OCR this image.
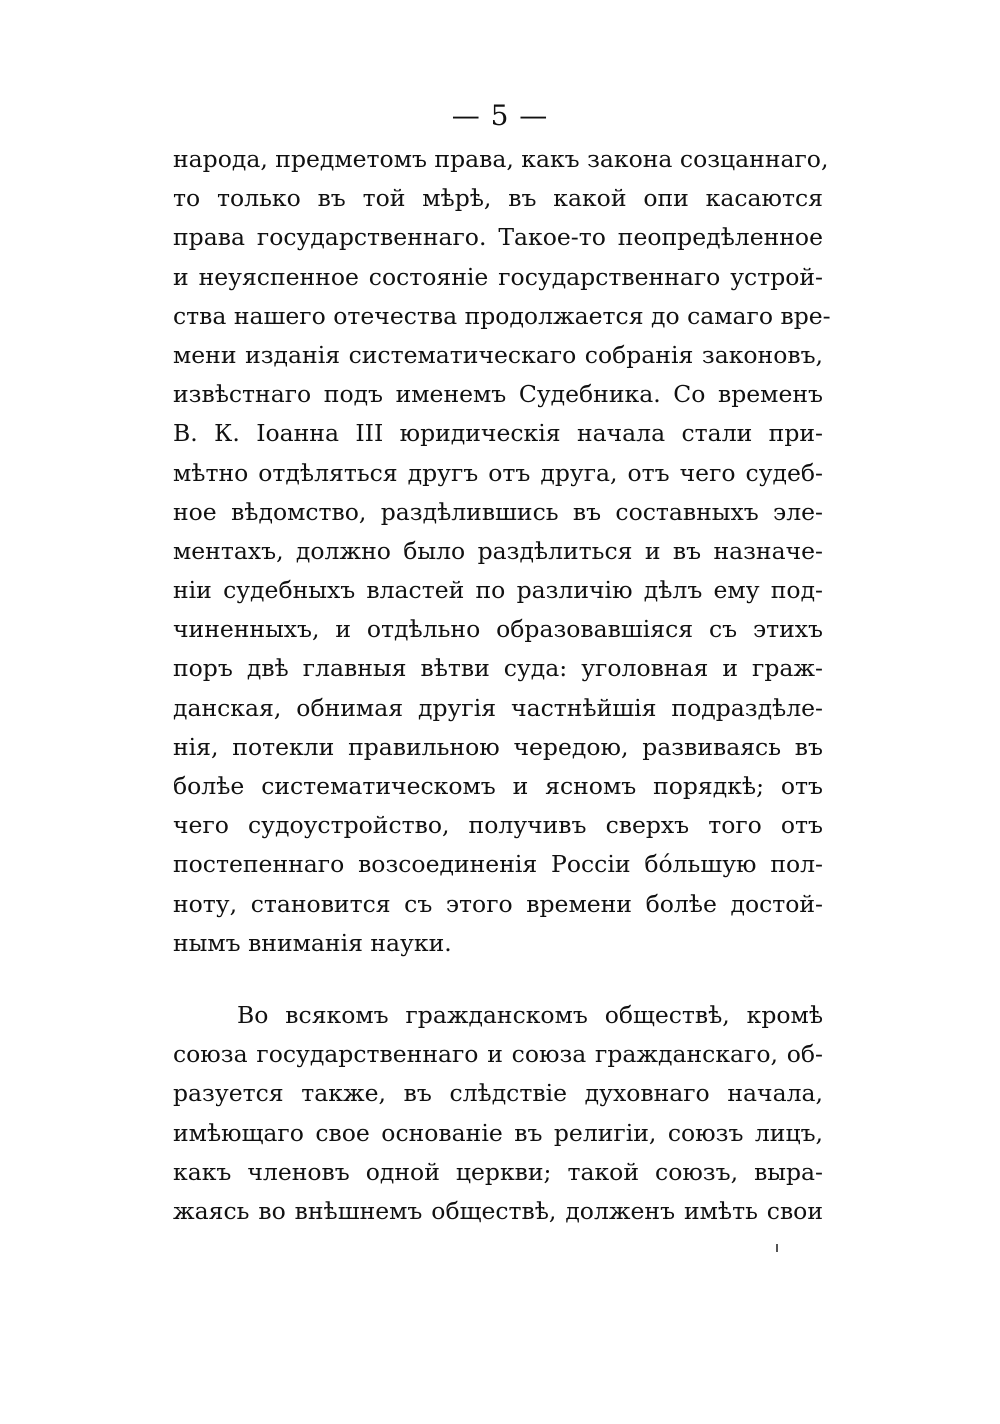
— 5 —
народа, предметомъ права, какъ закона созцаннаго,
то только въ той мѣрѣ, въ какой опи касаются
права государственнаго. Такое-то пеопредѣленное
и неуяспенное состояніе государственнаго устрой-
ства нашего отечества продолжается до самаго вре-
мени изданія систематическаго собранія законовъ,
извѣстнаго подъ именемъ Судебника. Со временъ
В. К. Іоанна III юридическія начала стали при-
мѣтно отдѣляться другъ отъ друга, отъ чего судеб-
ное вѣдомство, раздѣлившись въ составныхъ эле-
ментахъ, должно было раздѣлиться и въ назначе-
ніи судебныхъ властей по различію дѣлъ ему под-
чиненныхъ, и отдѣльно образовавшіяся съ этихъ
поръ двѣ главныя вѣтви суда: уголовная и граж-
данская, обнимая другія частнѣйшія подраздѣле-
нія, потекли правильною чередою, развиваясь въ
болѣе систематическомъ и ясномъ порядкѣ; отъ
чего судоустройство, получивъ сверхъ того отъ
постепеннаго возсоединенія Россіи бо́льшую пол-
ноту, становится съ этого времени болѣе достой-
нымъ вниманія науки.
Во всякомъ гражданскомъ обществѣ, кромѣ
союза государственнаго и союза гражданскаго, об-
разуется также, въ слѣдствіе духовнаго начала,
имѣющаго свое основаніе въ религіи, союзъ лицъ,
какъ членовъ одной церкви; такой союзъ, выра-
жаясь во внѣшнемъ обществѣ, долженъ имѣть свои
